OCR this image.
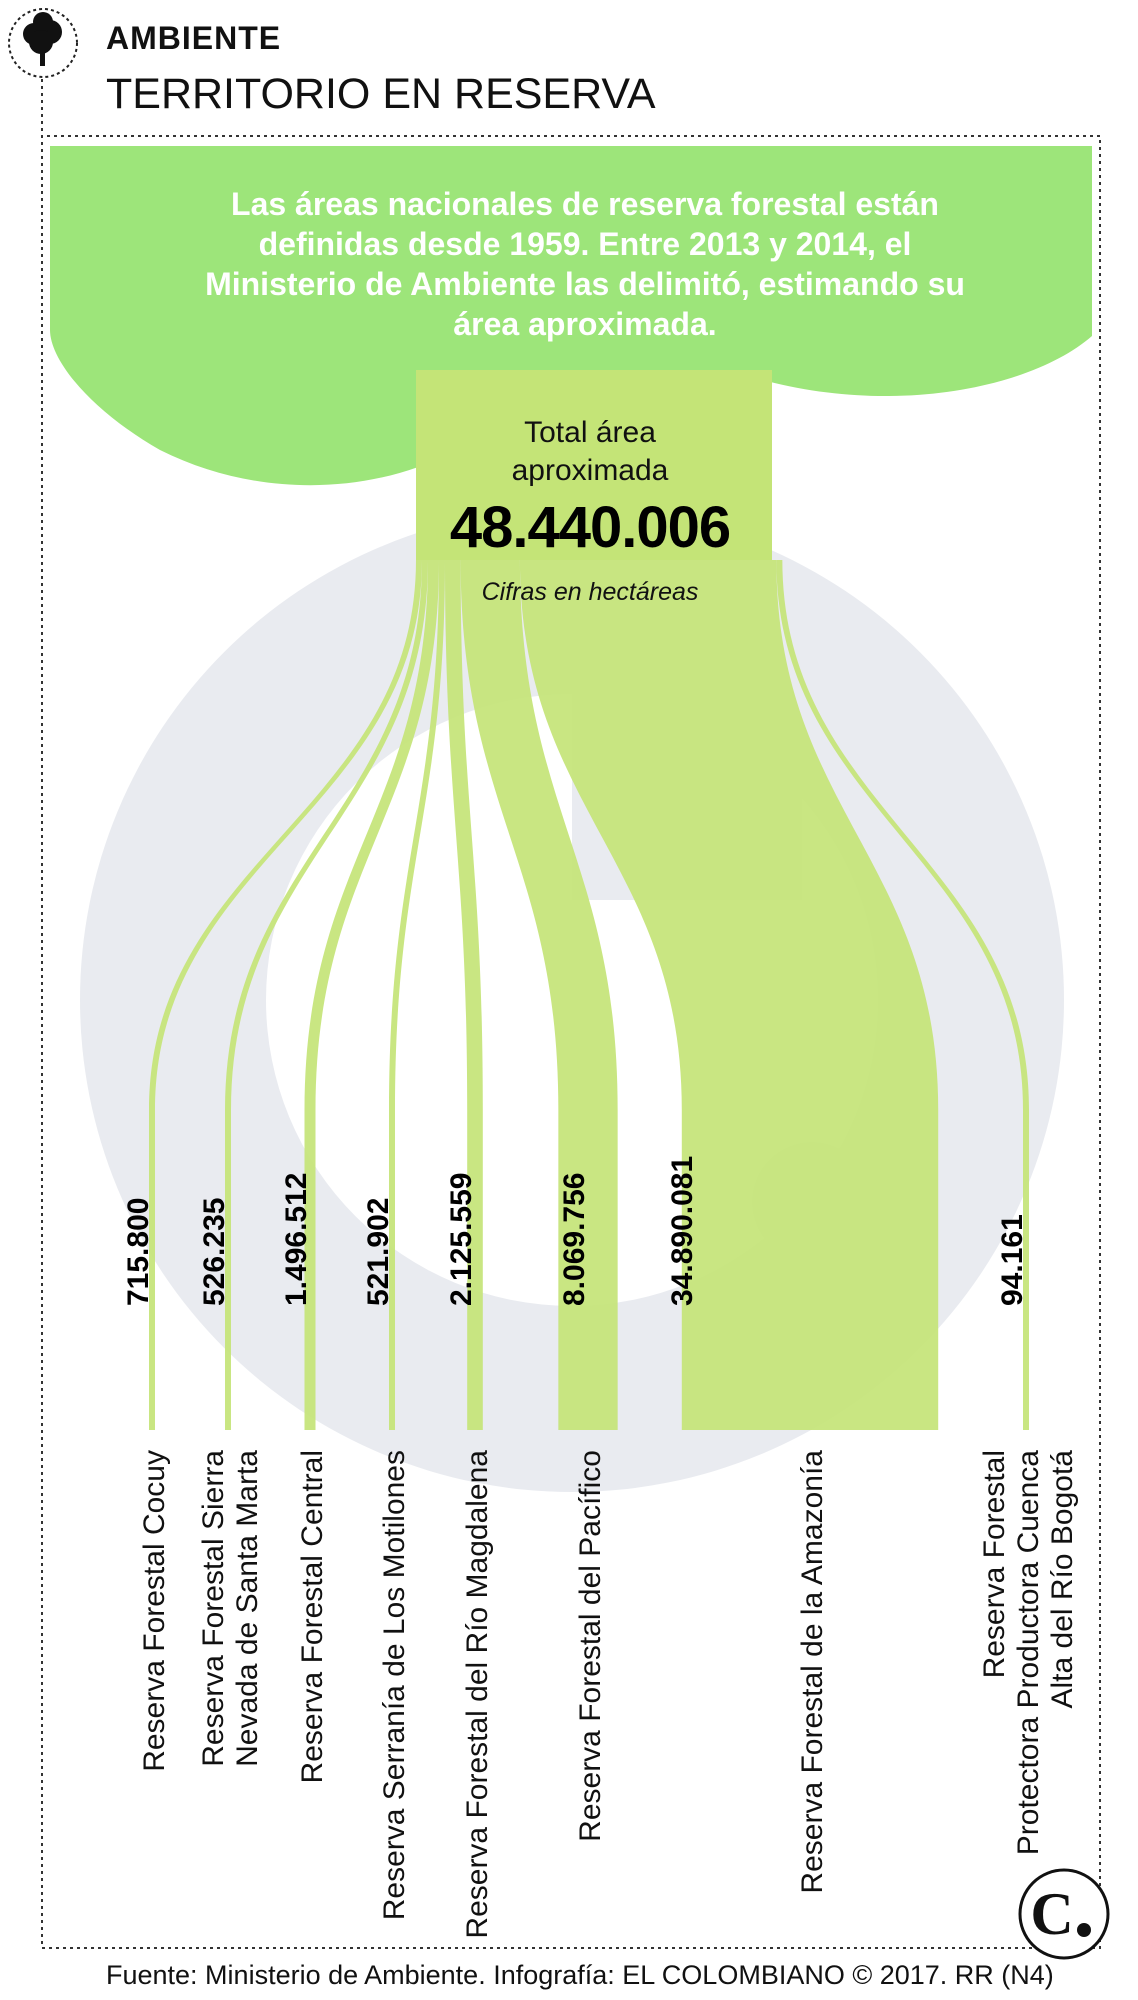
715.800 526.235 1.496.512 521.902 2.125.559	8.069.756 34.890.081	94.161
Reserva Forestal Cocuy Reserva Forestal SierraNevada de Santa Marta Reserva Forestal Central Reserva Serranía de Los Motilones Reserva Forestal del Río Magdalena	Reserva Forestal del Pacífico	Reserva Forestal de la Amazonía	Reserva ForestalProtectora Productora CuencaAlta del Río Bogotá
C
AMBIENTE
TERRITORIO EN RESERVA
Las áreas nacionales de reserva forestal están definidas desde 1959. Entre 2013 y 2014, el Ministerio de Ambiente las delimitó, estimando su área aproximada.
Total área
aproximada
48.440.006
Cifras en hectáreas
Fuente: Ministerio de Ambiente. Infografía: EL COLOMBIANO © 2017. RR (N4)
